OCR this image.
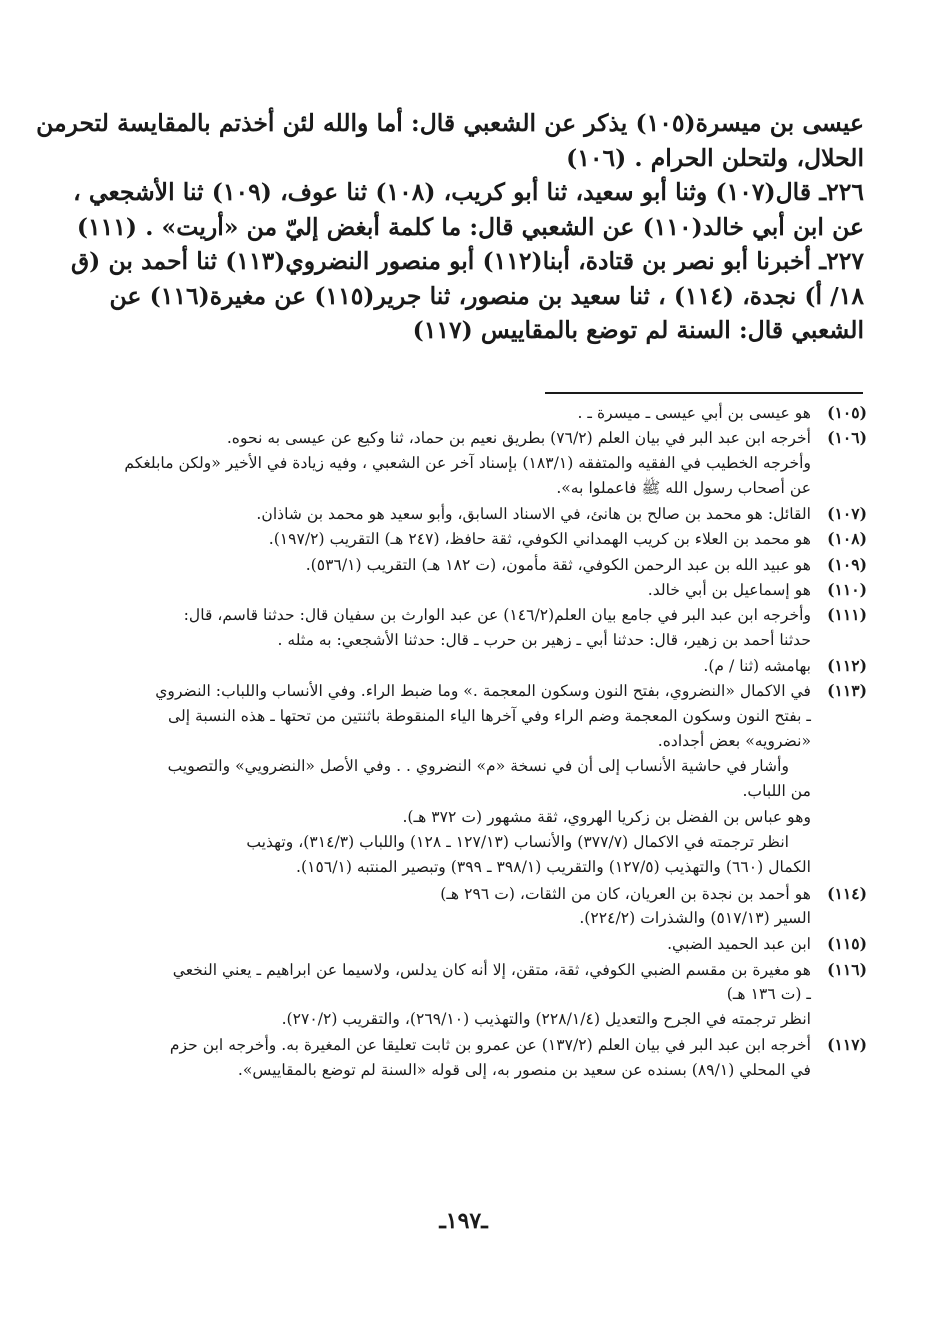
عيسى بن ميسرة(١٠٥) يذكر عن الشعبي قال: أما والله لئن أخذتم بالمقايسة لتحرمن
الحلال، ولتحلن الحرام . (١٠٦)
٢٢٦ـ قال(١٠٧) وثنا أبو سعيد، ثنا أبو كريب، (١٠٨) ثنا عوف، (١٠٩) ثنا الأشجعي ،
عن ابن أبي خالد(١١٠) عن الشعبي قال: ما كلمة أبغض إليّ من «أريت» . (١١١)
٢٢٧ـ أخبرنا أبو نصر بن قتادة، أبنا(١١٢) أبو منصور النضروي(١١٣) ثنا أحمد بن (ق
١٨/ أ) نجدة، (١١٤) ، ثنا سعيد بن منصور، ثنا جرير(١١٥) عن مغيرة(١١٦) عن
الشعبي قال: السنة لم توضع بالمقاييس (١١٧)
(١٠٥)
هو عيسى بن أبي عيسى ـ ميسرة ـ .
(١٠٦)
أخرجه ابن عبد البر في بيان العلم (٧٦/٢) بطريق نعيم بن حماد، ثنا وكيع عن عيسى به نحوه.
وأخرجه الخطيب في الفقيه والمتفقه (١٨٣/١) بإسناد آخر عن الشعبي ، وفيه زيادة في الأخير «ولكن مابلغكم
عن أصحاب رسول الله ﷺ فاعملوا به».
(١٠٧)
القائل: هو محمد بن صالح بن هانئ، في الاسناد السابق، وأبو سعيد هو محمد بن شاذان.
(١٠٨)
هو محمد بن العلاء بن كريب الهمداني الكوفي، ثقة حافظ، (٢٤٧ هـ) التقريب (١٩٧/٢).
(١٠٩)
هو عبيد الله بن عبد الرحمن الكوفي، ثقة مأمون، (ت ١٨٢ هـ) التقريب (٥٣٦/١).
(١١٠)
هو إسماعيل بن أبي خالد.
(١١١)
وأخرجه ابن عبد البر في جامع بيان العلم(١٤٦/٢) عن عبد الوارث بن سفيان قال: حدثنا قاسم، قال:
حدثنا أحمد بن زهير، قال: حدثنا أبي ـ زهير بن حرب ـ قال: حدثنا الأشجعي: به مثله .
(١١٢)
بهامشه (ثنا / م).
(١١٣)
في الاكمال «النضروي، بفتح النون وسكون المعجمة .» وما ضبط الراء. وفي الأنساب واللباب: النضروي
ـ بفتح النون وسكون المعجمة وضم الراء وفي آخرها الياء المنقوطة باثنتين من تحتها ـ هذه النسبة إلى
«نضرويه» بعض أجداده.
وأشار في حاشية الأنساب إلى أن في نسخة «م» النضروي . . وفي الأصل «النضرويي» والتصويب
من اللباب.
وهو عباس بن الفضل بن زكريا الهروي، ثقة مشهور (ت ٣٧٢ هـ).
انظر ترجمته في الاكمال (٣٧٧/٧) والأنساب (١٢٧/١٣ ـ ١٢٨) واللباب (٣١٤/٣)، وتهذيب
الكمال (٦٦٠) والتهذيب (١٢٧/٥) والتقريب (٣٩٨/١ ـ ٣٩٩) وتبصير المنتبه (١٥٦/١).
(١١٤)
هو أحمد بن نجدة بن العريان، كان من الثقات، (ت ٢٩٦ هـ)
السير (٥١٧/١٣) والشذرات (٢٢٤/٢).
(١١٥)
ابن عبد الحميد الضبي.
(١١٦)
هو مغيرة بن مقسم الضبي الكوفي، ثقة، متقن، إلا أنه كان يدلس، ولاسيما عن ابراهيم ـ يعني النخعي
ـ (ت ١٣٦ هـ)
انظر ترجمته في الجرح والتعديل (٢٢٨/١/٤) والتهذيب (٢٦٩/١٠)، والتقريب (٢٧٠/٢).
(١١٧)
أخرجه ابن عبد البر في بيان العلم (١٣٧/٢) عن عمرو بن ثابت تعليقا عن المغيرة به. وأخرجه ابن حزم
في المحلي (٨٩/١) بسنده عن سعيد بن منصور به، إلى قوله «السنة لم توضع بالمقاييس».
ـ١٩٧ـ
